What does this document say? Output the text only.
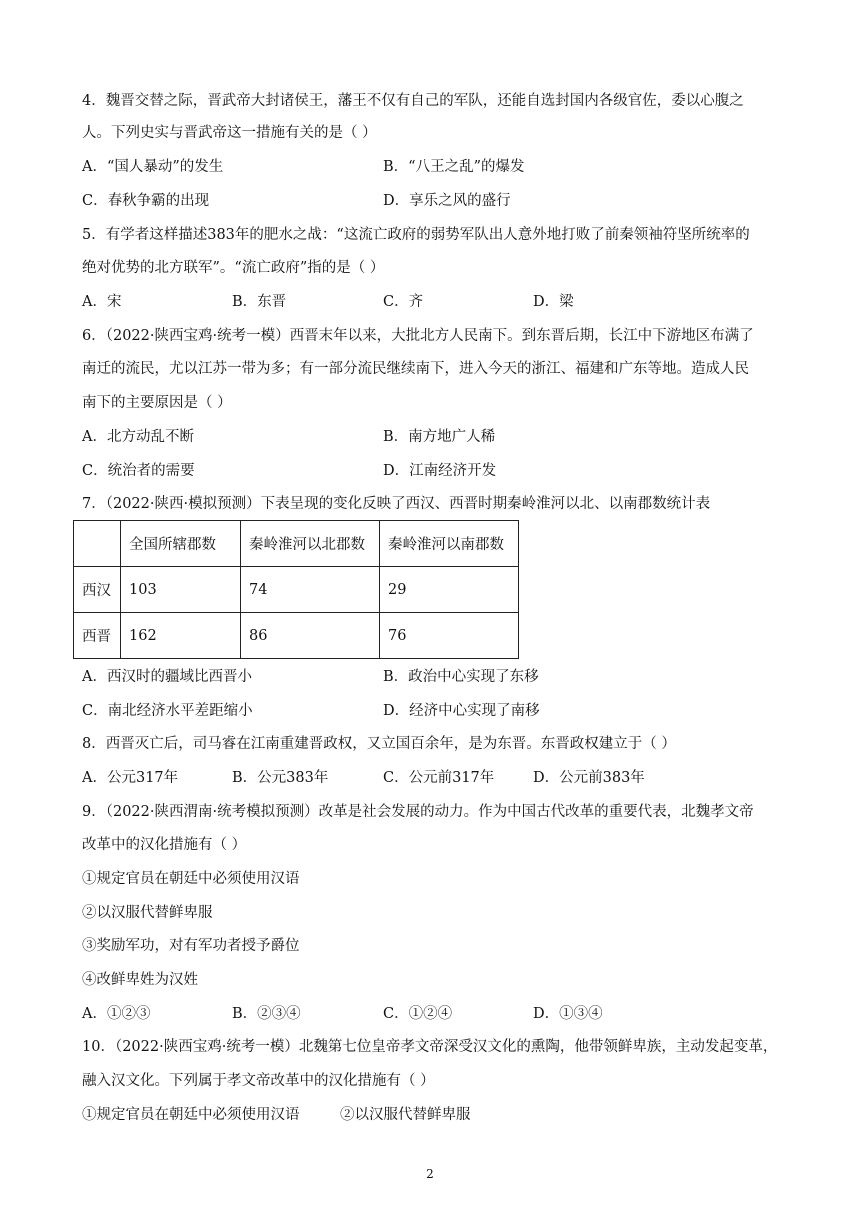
4．魏晋交替之际，晋武帝大封诸侯王，藩王不仅有自己的军队，还能自选封国内各级官佐，委以心腹之
人。下列史实与晋武帝这一措施有关的是（ ）
A．“国人暴动”的发生	B．“八王之乱”的爆发
C．春秋争霸的出现	D．享乐之风的盛行
5．有学者这样描述383年的肥水之战：“这流亡政府的弱势军队出人意外地打败了前秦领袖符坚所统率的
绝对优势的北方联军”。“流亡政府”指的是（ ）
A．宋	B．东晋	C．齐	D．梁
6．（2022·陕西宝鸡·统考一模）西晋末年以来，大批北方人民南下。到东晋后期，长江中下游地区布满了
南迁的流民，尤以江苏一带为多；有一部分流民继续南下，进入今天的浙江、福建和广东等地。造成人民
南下的主要原因是（ ）
A．北方动乱不断	B．南方地广人稀
C．统治者的需要	D．江南经济开发
7．（2022·陕西·模拟预测）下表呈现的变化反映了西汉、西晋时期秦岭淮河以北、以南郡数统计表
	全国所辖郡数	秦岭淮河以北郡数	秦岭淮河以南郡数
西汉	103	74	29
西晋	162	86	76
A．西汉时的疆域比西晋小	B．政治中心实现了东移
C．南北经济水平差距缩小	D．经济中心实现了南移
8．西晋灭亡后，司马睿在江南重建晋政权，又立国百余年，是为东晋。东晋政权建立于（ ）
A．公元317年	B．公元383年	C．公元前317年	D．公元前383年
9．（2022·陕西渭南·统考模拟预测）改革是社会发展的动力。作为中国古代改革的重要代表，北魏孝文帝
改革中的汉化措施有（ ）
①规定官员在朝廷中必须使用汉语
②以汉服代替鲜卑服
③奖励军功，对有军功者授予爵位
④改鲜卑姓为汉姓
A．①②③	B．②③④	C．①②④	D．①③④
10．（2022·陕西宝鸡·统考一模）北魏第七位皇帝孝文帝深受汉文化的熏陶，他带领鲜卑族，主动发起变革，
融入汉文化。下列属于孝文帝改革中的汉化措施有（ ）
①规定官员在朝廷中必须使用汉语	②以汉服代替鲜卑服
2
